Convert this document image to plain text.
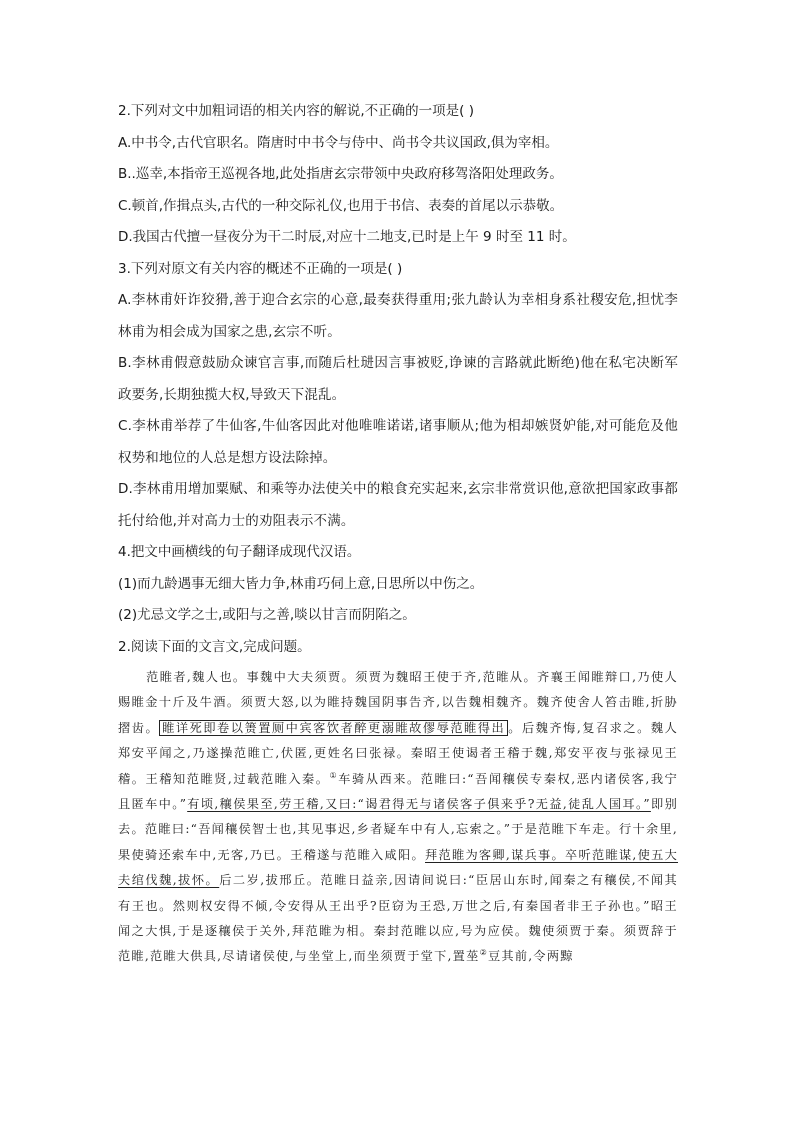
2.下列对文中加粗词语的相关内容的解说,不正确的一项是( )

A.中书令,古代官职名。隋唐时中书令与侍中、尚书令共议国政,俱为宰相。

B..巡幸,本指帝王巡视各地,此处指唐玄宗带领中央政府移驾洛阳处理政务。

C.顿首,作揖点头,古代的一种交际礼仪,也用于书信、表奏的首尾以示恭敬。

D.我国古代擅一昼夜分为干二时辰,对应十二地支,已时是上午 9 时至 11 时。

3.下列对原文有关内容的概述不正确的一项是( )

A.李林甫奸诈狡猾,善于迎合玄宗的心意,最奏获得重用;张九龄认为幸相身系社稷安危,担忧李林甫为相会成为国家之患,玄宗不听。

B.李林甫假意鼓励众谏官言事,而随后杜琎因言事被贬,诤谏的言路就此断绝)他在私宅决断军政要务,长期独揽大权,导致天下混乱。

C.李林甫举荐了牛仙客,牛仙客因此对他唯唯诺诺,诸事顺从;他为相却嫉贤妒能,对可能危及他权势和地位的人总是想方设法除掉。

D.李林甫用增加粟赋、和乘等办法使关中的粮食充实起来,玄宗非常赏识他,意欲把国家政事都托付给他,并对高力士的劝阻表示不满。

4.把文中画横线的句子翻译成现代汉语。

(1)而九龄遇事无细大皆力争,林甫巧伺上意,日思所以中伤之。

(2)尤忌文学之士,或阳与之善,啖以甘言而阴陷之。

2.阅读下面的文言文,完成问题。

范睢者,魏人也。事魏中大夫须贾。须贾为魏昭王使于齐,范睢从。齐襄王闻睢辩口,乃使人赐睢金十斤及牛酒。须贾大怒,以为睢持魏国阴事告齐,以告魏相魏齐。魏齐使舍人笞击睢,折胁摺齿。 睢详死即卷以箦置厕中宾客饮者醉更溺睢故僇辱范睢得出 。后魏齐悔,复召求之。魏人郑安平闻之,乃遂操范睢亡,伏匿,更姓名曰张禄。秦昭王使谒者王稽于魏,郑安平夜与张禄见王稽。王稽知范睢贤,过载范睢入秦。①车骑从西来。范睢曰:“吾闻穰侯专秦权,恶内诸侯客,我宁且匿车中。”有顷,穰侯果至,劳王稽,又曰:“谒君得无与诸侯客子俱来乎?无益,徒乱人国耳。”即别去。范睢曰:“吾闻穰侯智士也,其见事迟,乡者疑车中有人,忘索之。”于是范睢下车走。行十余里,果使骑还索车中,无客,乃已。王稽遂与范睢入咸阳。拜范睢为客卿,谋兵事。卒听范睢谋,使五大夫绾伐魏,拔怀。后二岁,拔邢丘。范睢日益亲,因请间说曰:“臣居山东时,闻秦之有穰侯,不闻其有王也。然则权安得不倾,令安得从王出乎?臣窃为王恐,万世之后,有秦国者非王子孙也。”昭王闻之大惧,于是逐穰侯于关外,拜范睢为相。秦封范睢以应,号为应侯。魏使须贾于秦。须贾辞于范睢,范睢大供具,尽请诸侯使,与坐堂上,而坐须贾于堂下,置莝②豆其前,令两黥
